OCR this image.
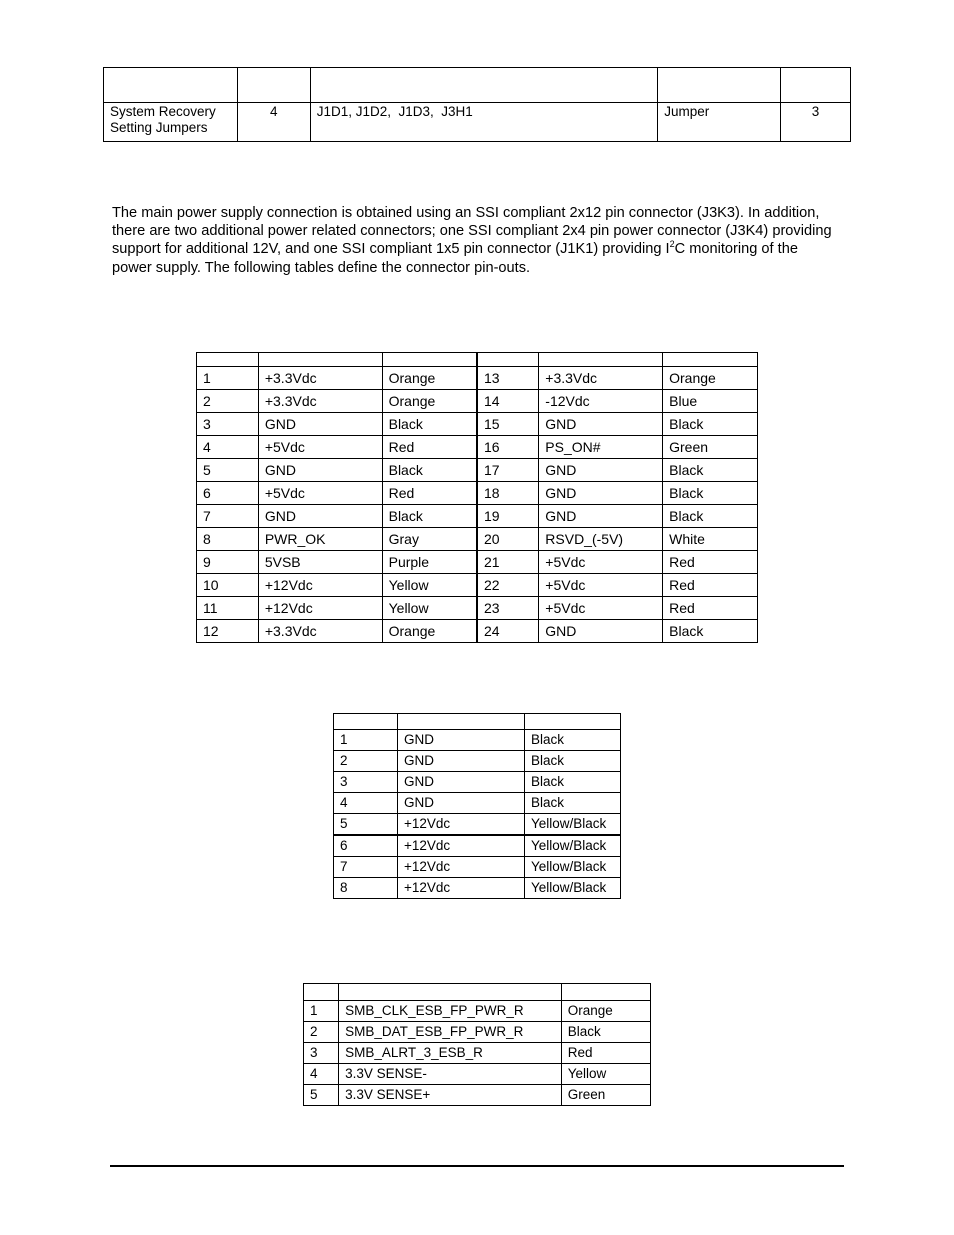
System Recovery Setting Jumpers	4	J1D1, J1D2,  J1D3,  J3H1	Jumper	3

The main power supply connection is obtained using an SSI compliant 2x12 pin connector (J3K3). In addition, there are two additional power related connectors; one SSI compliant 2x4 pin power connector (J3K4) providing support for additional 12V, and one SSI compliant 1x5 pin connector (J1K1) providing $I^2C$ monitoring of the power supply. The following tables define the connector pin-outs.

1	+3.3Vdc	Orange	13	+3.3Vdc	Orange
2	+3.3Vdc	Orange	14	-12Vdc	Blue
3	GND	Black	15	GND	Black
4	+5Vdc	Red	16	PS_ON#	Green
5	GND	Black	17	GND	Black
6	+5Vdc	Red	18	GND	Black
7	GND	Black	19	GND	Black
8	PWR_OK	Gray	20	RSVD_(-5V)	White
9	5VSB	Purple	21	+5Vdc	Red
10	+12Vdc	Yellow	22	+5Vdc	Red
11	+12Vdc	Yellow	23	+5Vdc	Red
12	+3.3Vdc	Orange	24	GND	Black

1	GND	Black
2	GND	Black
3	GND	Black
4	GND	Black
5	+12Vdc	Yellow/Black
6	+12Vdc	Yellow/Black
7	+12Vdc	Yellow/Black
8	+12Vdc	Yellow/Black

1	SMB_CLK_ESB_FP_PWR_R	Orange
2	SMB_DAT_ESB_FP_PWR_R	Black
3	SMB_ALRT_3_ESB_R	Red
4	3.3V SENSE-	Yellow
5	3.3V SENSE+	Green
